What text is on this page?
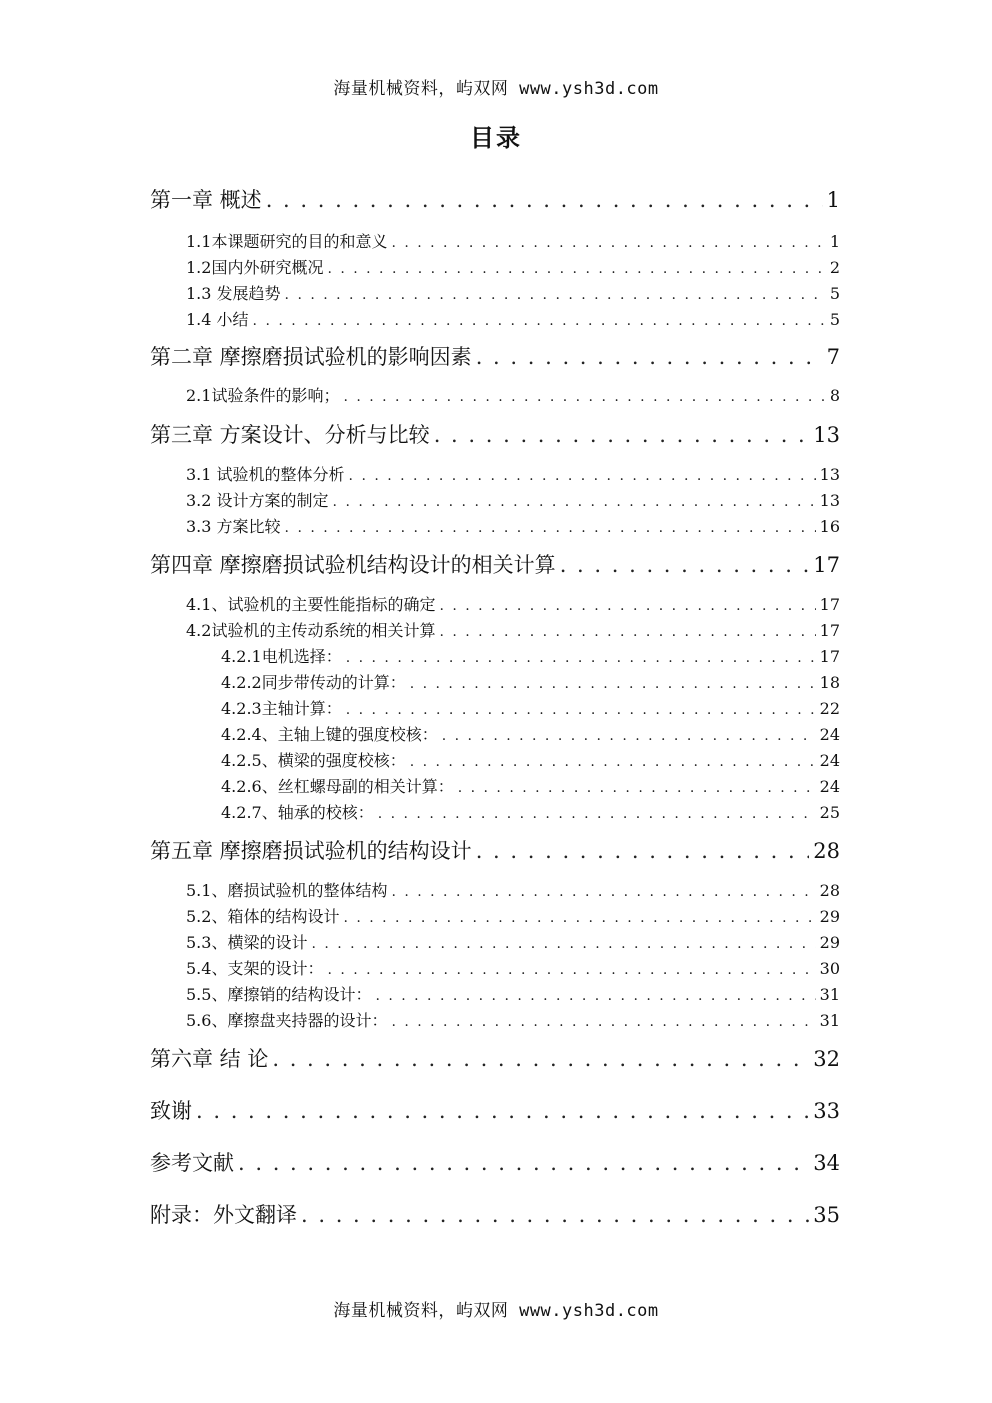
海量机械资料，屿双网 www.ysh3d.com
目录
第一章 概述 . . .	1
1.1本课题研究的目的和意义 . . .	1
1.2国内外研究概况 . . .	2
1.3 发展趋势 . . .	5
1.4 小结 . . .	5
第二章 摩擦磨损试验机的影响因素 . . .	7
2.1试验条件的影响； . . .	8
第三章 方案设计、分析与比较 . . .	13
3.1 试验机的整体分析 . . .	13
3.2 设计方案的制定 . . .	13
3.3 方案比较 . . .	16
第四章 摩擦磨损试验机结构设计的相关计算 . . .	17
4.1、试验机的主要性能指标的确定 . . .	17
4.2试验机的主传动系统的相关计算 . . .	17
4.2.1电机选择： . . .	17
4.2.2同步带传动的计算： . . .	18
4.2.3主轴计算： . . .	22
4.2.4、主轴上键的强度校核： . . .	24
4.2.5、横梁的强度校核： . . .	24
4.2.6、丝杠螺母副的相关计算： . . .	24
4.2.7、轴承的校核： . . .	25
第五章 摩擦磨损试验机的结构设计 . . .	28
5.1、磨损试验机的整体结构 . . .	28
5.2、箱体的结构设计 . . .	29
5.3、横梁的设计 . . .	29
5.4、支架的设计： . . .	30
5.5、摩擦销的结构设计： . . .	31
5.6、摩擦盘夹持器的设计： . . .	31
第六章 结 论 . . .	32
致谢 . . .	33
参考文献 . . .	34
附录：外文翻译 . . .	35
海量机械资料，屿双网 www.ysh3d.com
